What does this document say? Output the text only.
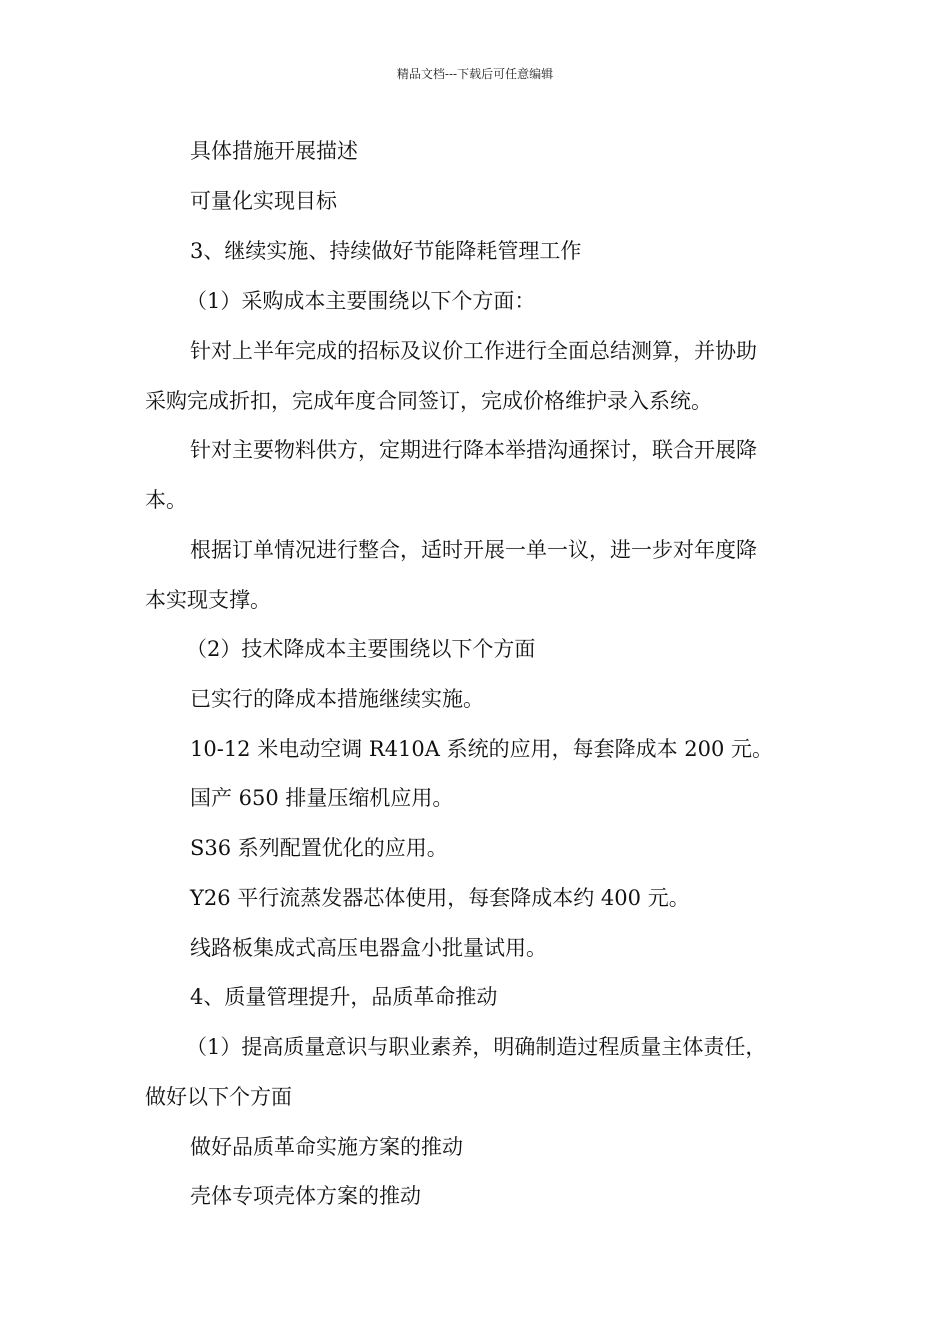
精品文档---下载后可任意编辑

具体措施开展描述

可量化实现目标

3、继续实施、持续做好节能降耗管理工作

（1）采购成本主要围绕以下个方面：

针对上半年完成的招标及议价工作进行全面总结测算，并协助

采购完成折扣，完成年度合同签订，完成价格维护录入系统。

针对主要物料供方，定期进行降本举措沟通探讨，联合开展降

本。

根据订单情况进行整合，适时开展一单一议，进一步对年度降

本实现支撑。

（2）技术降成本主要围绕以下个方面

已实行的降成本措施继续实施。

10-12 米电动空调 R410A 系统的应用，每套降成本 200 元。

国产 650 排量压缩机应用。

S36 系列配置优化的应用。

Y26 平行流蒸发器芯体使用，每套降成本约 400 元。

线路板集成式高压电器盒小批量试用。

4、质量管理提升，品质革命推动

（1）提高质量意识与职业素养，明确制造过程质量主体责任，

做好以下个方面

做好品质革命实施方案的推动

壳体专项壳体方案的推动
